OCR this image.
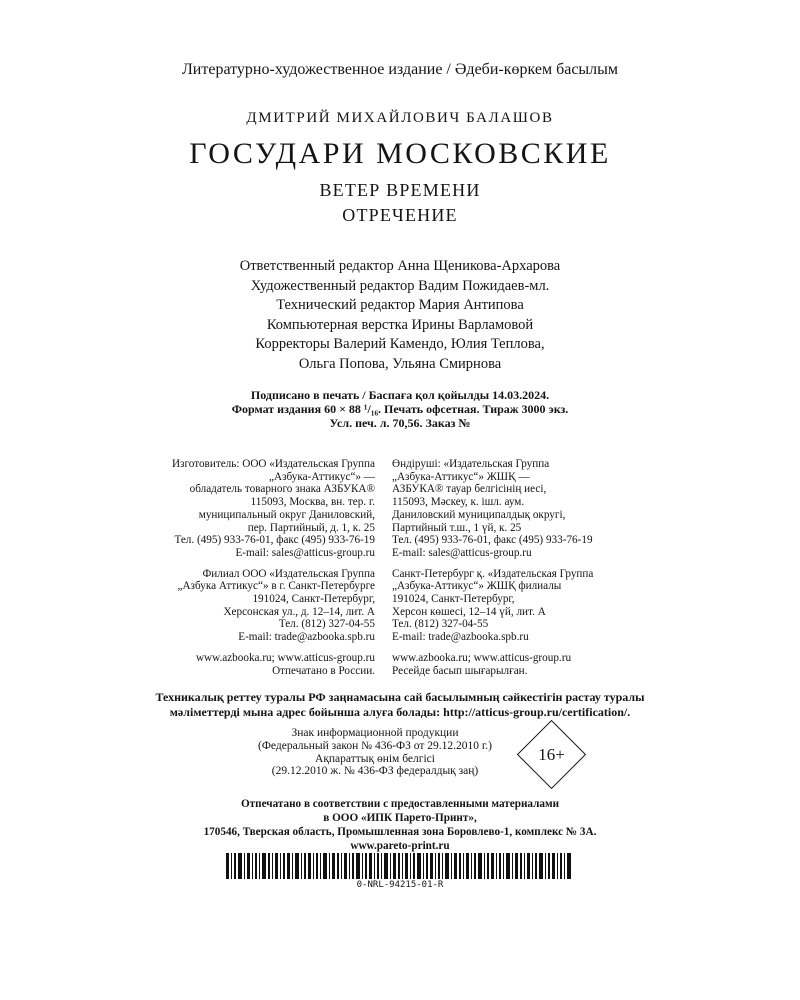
Литературно-художественное издание / Әдеби-көркем басылым
ДМИТРИЙ МИХАЙЛОВИЧ БАЛАШОВ
ГОСУДАРИ МОСКОВСКИЕ
ВЕТЕР ВРЕМЕНИ
ОТРЕЧЕНИЕ
Ответственный редактор Анна Щеникова-Архарова
Художественный редактор Вадим Пожидаев-мл.
Технический редактор Мария Антипова
Компьютерная верстка Ирины Варламовой
Корректоры Валерий Камендо, Юлия Теплова,
Ольга Попова, Ульяна Смирнова
Подписано в печать / Баспаға қол қойылды 14.03.2024.
Формат издания 60 × 88 ¹/₁₆. Печать офсетная. Тираж 3000 экз.
Усл. печ. л. 70,56. Заказ №
Изготовитель: ООО «Издательская Группа
„Азбука-Аттикус“» —
обладатель товарного знака АЗБУКА®
115093, Москва, вн. тер. г.
муниципальный округ Даниловский,
пер. Партийный, д. 1, к. 25
Тел. (495) 933-76-01, факс (495) 933-76-19
E-mail: sales@atticus-group.ru
Филиал ООО «Издательская Группа
„Азбука Аттикус“» в г. Санкт-Петербурге
191024, Санкт-Петербург,
Херсонская ул., д. 12–14, лит. А
Тел. (812) 327-04-55
E-mail: trade@azbooka.spb.ru
www.azbooka.ru; www.atticus-group.ru
Отпечатано в России.
Өндіруші: «Издательская Группа
„Азбука-Аттикус“» ЖШҚ —
АЗБУКА® тауар белгісінің иесі,
115093, Мәскеу, к. ішл. аум.
Даниловский муниципалдық округі,
Партийный т.ш., 1 үй, к. 25
Тел. (495) 933-76-01, факс (495) 933-76-19
E-mail: sales@atticus-group.ru
Санкт-Петербург қ. «Издательская Группа
„Азбука-Аттикус“» ЖШҚ филиалы
191024, Санкт-Петербург,
Херсон көшесі, 12–14 үй, лит. А
Тел. (812) 327-04-55
E-mail: trade@azbooka.spb.ru
www.azbooka.ru; www.atticus-group.ru
Ресейде басып шығарылған.
Техникалық реттеу туралы РФ заңнамасына сай басылымның сәйкестігін растау туралы
мәліметтерді мына адрес бойынша алуға болады: http://atticus-group.ru/certification/.
Знак информационной продукции
(Федеральный закон № 436-ФЗ от 29.12.2010 г.)
Ақпараттық өнім белгісі
(29.12.2010 ж. № 436-ФЗ федералдық заң)
16+
Отпечатано в соответствии с предоставленными материалами
в ООО «ИПК Парето-Принт»,
170546, Тверская область, Промышленная зона Боровлево-1, комплекс № 3А.
www.pareto-print.ru
0-NRL-94215-01-R
